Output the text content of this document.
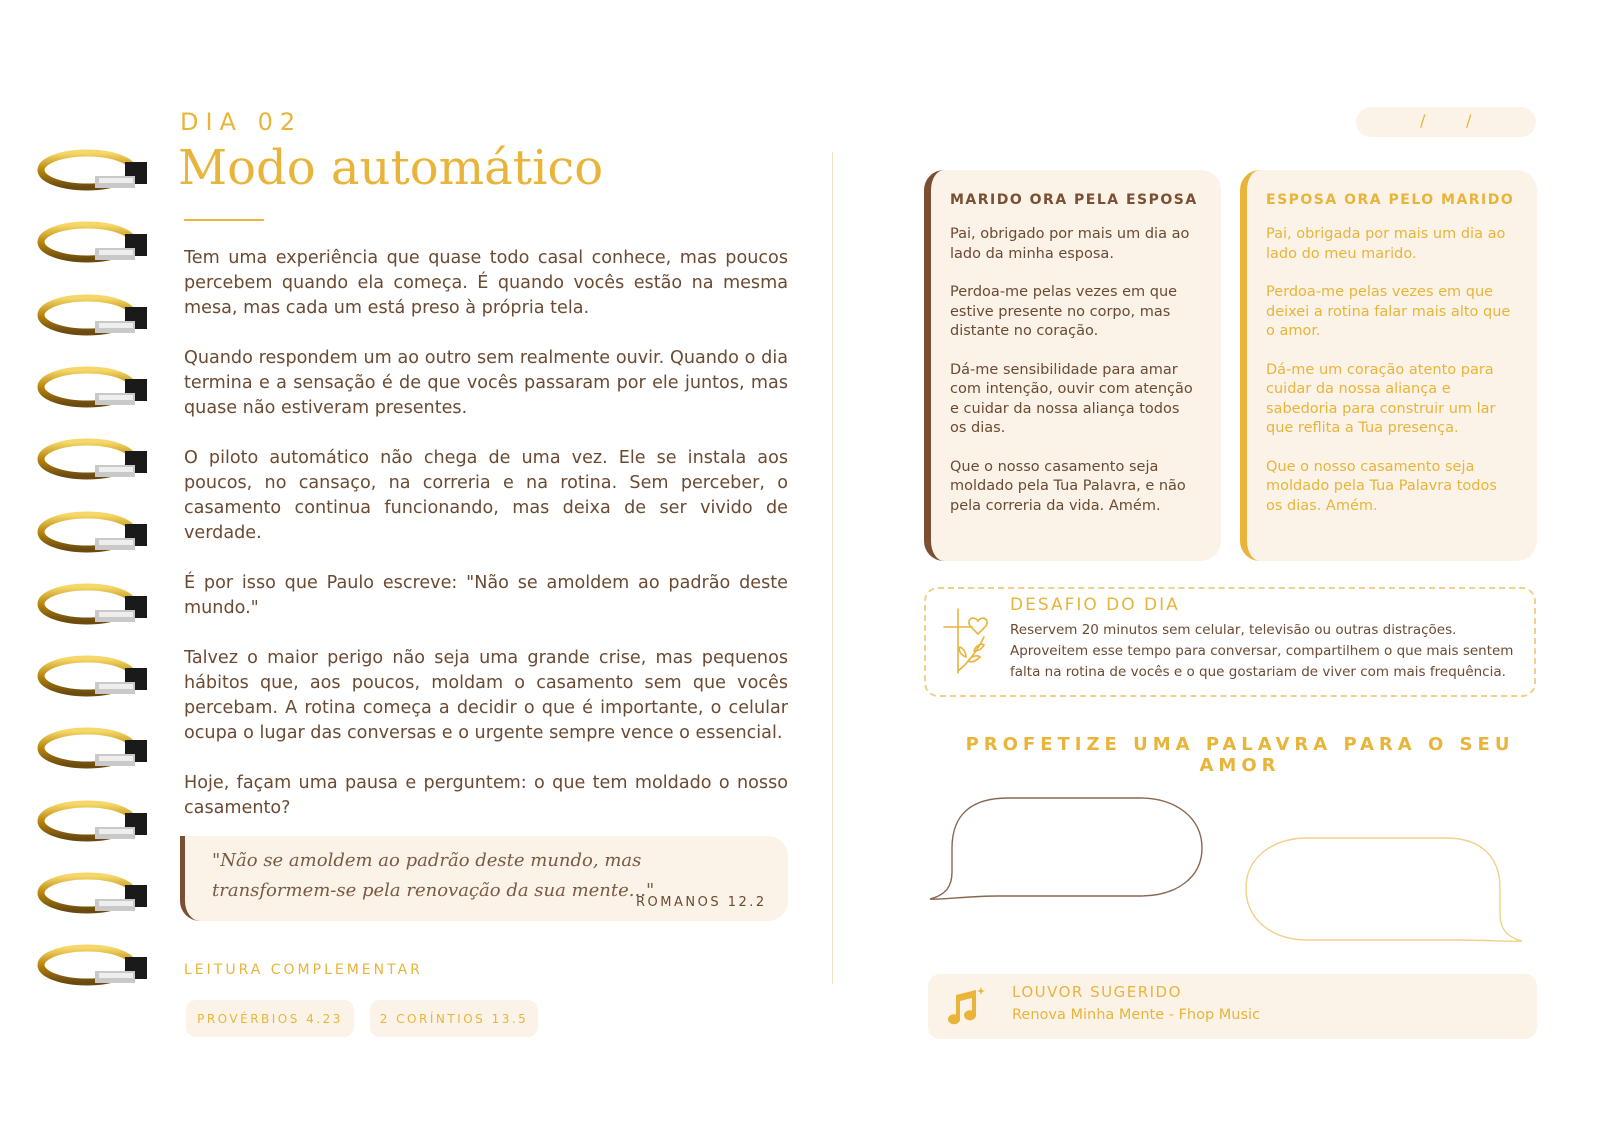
DIA 02
Modo automático

Tem uma experiência que quase todo casal conhece, mas poucos percebem quando ela começa. É quando vocês estão na mesma mesa, mas cada um está preso à própria tela.

Quando respondem um ao outro sem realmente ouvir. Quando o dia termina e a sensação é de que vocês passaram por ele juntos, mas quase não estiveram presentes.

O piloto automático não chega de uma vez. Ele se instala aos poucos, no cansaço, na correria e na rotina. Sem perceber, o casamento continua funcionando, mas deixa de ser vivido de verdade.

É por isso que Paulo escreve: "Não se amoldem ao padrão deste mundo."

Talvez o maior perigo não seja uma grande crise, mas pequenos hábitos que, aos poucos, moldam o casamento sem que vocês percebam. A rotina começa a decidir o que é importante, o celular ocupa o lugar das conversas e o urgente sempre vence o essencial.

Hoje, façam uma pausa e perguntem: o que tem moldado o nosso casamento?

"Não se amoldem ao padrão deste mundo, mas transformem-se pela renovação da sua mente..."
ROMANOS 12.2
LEITURA COMPLEMENTAR
PROVÉRBIOS 4.23	2 CORÍNTIOS 13.5
/	/
MARIDO ORA PELA ESPOSA

Pai, obrigado por mais um dia ao lado da minha esposa.

Perdoa-me pelas vezes em que estive presente no corpo, mas distante no coração.

Dá-me sensibilidade para amar com intenção, ouvir com atenção e cuidar da nossa aliança todos os dias.

Que o nosso casamento seja moldado pela Tua Palavra, e não pela correria da vida. Amém.

ESPOSA ORA PELO MARIDO

Pai, obrigada por mais um dia ao lado do meu marido.

Perdoa-me pelas vezes em que deixei a rotina falar mais alto que o amor.

Dá-me um coração atento para cuidar da nossa aliança e sabedoria para construir um lar que reflita a Tua presença.

Que o nosso casamento seja moldado pela Tua Palavra todos os dias. Amém.

DESAFIO DO DIA
Reservem 20 minutos sem celular, televisão ou outras distrações. Aproveitem esse tempo para conversar, compartilhem o que mais sentem falta na rotina de vocês e o que gostariam de viver com mais frequência.
PROFETIZE UMA PALAVRA PARA O SEU AMOR
LOUVOR SUGERIDO
Renova Minha Mente - Fhop Music
